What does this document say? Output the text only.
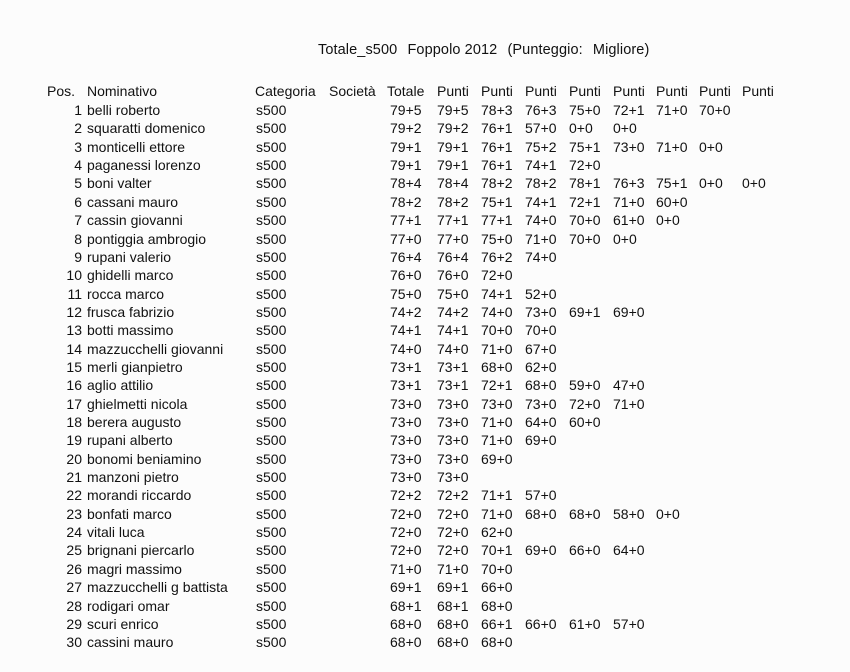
Totale_s500 Foppolo 2012 (Punteggio: Migliore)
Pos. Nominativo	Categoria Società Totale Punti Punti Punti Punti Punti Punti Punti Punti
1 belli roberto	s500	79+5 79+5 78+3 76+3 75+0 72+1 71+0 70+0
2 squaratti domenico	s500	79+2 79+2 76+1 57+0 0+0 0+0
3 monticelli ettore	s500	79+1 79+1 76+1 75+2 75+1 73+0 71+0 0+0
4 paganessi lorenzo	s500	79+1 79+1 76+1 74+1 72+0
5 boni valter	s500	78+4 78+4 78+2 78+2 78+1 76+3 75+1 0+0 0+0
6 cassani mauro	s500	78+2 78+2 75+1 74+1 72+1 71+0 60+0
7 cassin giovanni	s500	77+1 77+1 77+1 74+0 70+0 61+0 0+0
8 pontiggia ambrogio	s500	77+0 77+0 75+0 71+0 70+0 0+0
9 rupani valerio	s500	76+4 76+4 76+2 74+0
10 ghidelli marco	s500	76+0 76+0 72+0
11 rocca marco	s500	75+0 75+0 74+1 52+0
12 frusca fabrizio	s500	74+2 74+2 74+0 73+0 69+1 69+0
13 botti massimo	s500	74+1 74+1 70+0 70+0
14 mazzucchelli giovanni s500	74+0 74+0 71+0 67+0
15 merli gianpietro	s500	73+1 73+1 68+0 62+0
16 aglio attilio	s500	73+1 73+1 72+1 68+0 59+0 47+0
17 ghielmetti nicola	s500	73+0 73+0 73+0 73+0 72+0 71+0
18 berera augusto	s500	73+0 73+0 71+0 64+0 60+0
19 rupani alberto	s500	73+0 73+0 71+0 69+0
20 bonomi beniamino	s500	73+0 73+0 69+0
21 manzoni pietro	s500	73+0 73+0
22 morandi riccardo	s500	72+2 72+2 71+1 57+0
23 bonfati marco	s500	72+0 72+0 71+0 68+0 68+0 58+0 0+0
24 vitali luca	s500	72+0 72+0 62+0
25 brignani piercarlo	s500	72+0 72+0 70+1 69+0 66+0 64+0
26 magri massimo	s500	71+0 71+0 70+0
27 mazzucchelli g battista s500	69+1 69+1 66+0
28 rodigari omar	s500	68+1 68+1 68+0
29 scuri enrico	s500	68+0 68+0 66+1 66+0 61+0 57+0
30 cassini mauro	s500	68+0 68+0 68+0
